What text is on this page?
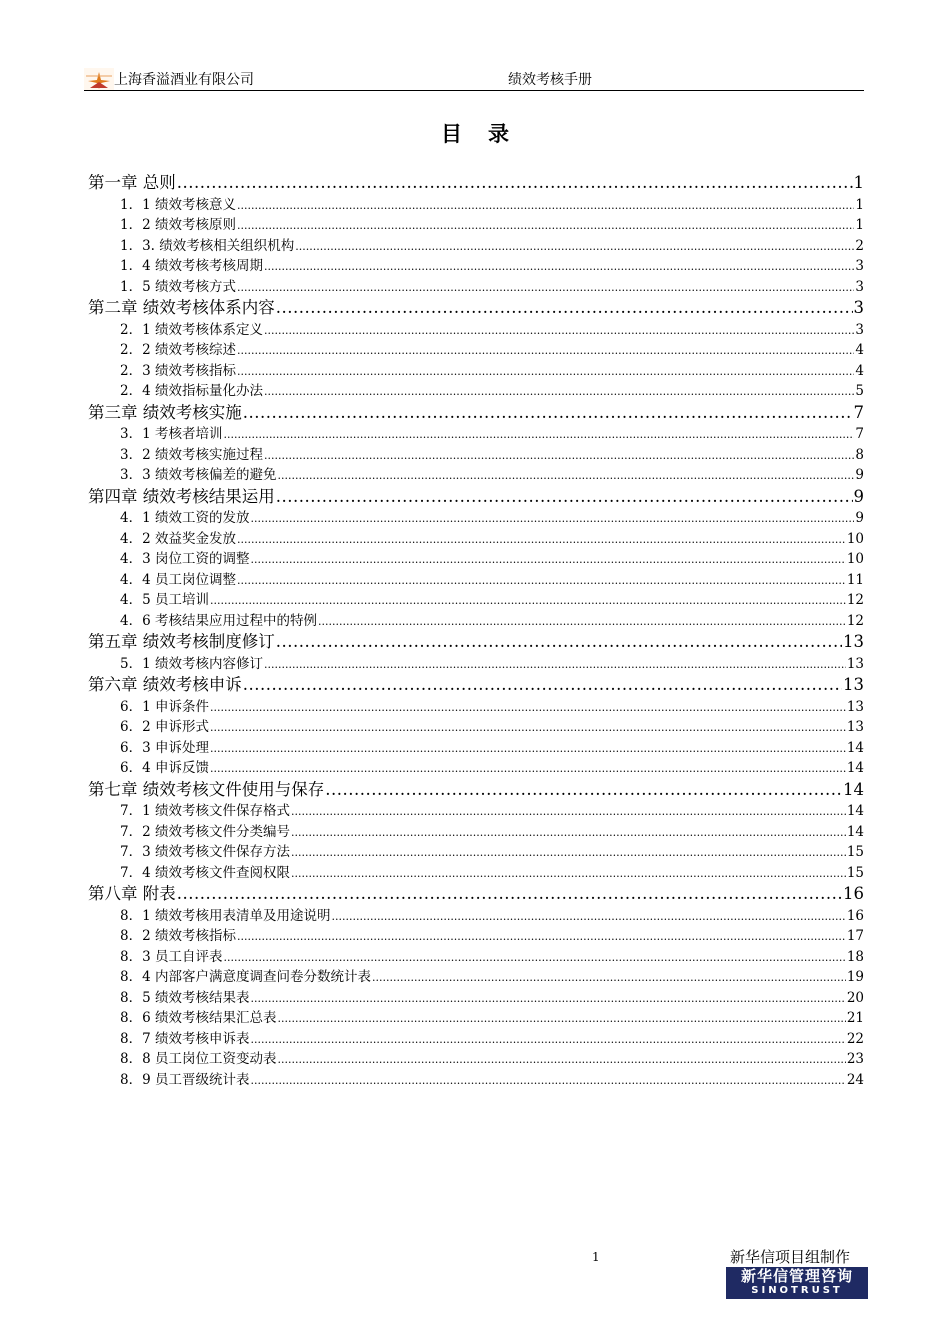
上海香溢酒业有限公司	绩效考核手册
目录
第一章 总则 .....	1
1．1 绩效考核意义 .....	1
1．2 绩效考核原则 .....	1
1．3. 绩效考核相关组织机构 .....	2
1．4 绩效考核考核周期 .....	3
1．5 绩效考核方式 .....	3
第二章 绩效考核体系内容 .....	3
2．1 绩效考核体系定义 .....	3
2．2 绩效考核综述 .....	4
2．3 绩效考核指标 .....	4
2．4 绩效指标量化办法 .....	5
第三章 绩效考核实施 .....	7
3．1 考核者培训 .....	7
3．2 绩效考核实施过程 .....	8
3．3 绩效考核偏差的避免 .....	9
第四章 绩效考核结果运用 .....	9
4．1 绩效工资的发放 .....	9
4．2 效益奖金发放 .....	10
4．3 岗位工资的调整 .....	10
4．4 员工岗位调整 .....	11
4．5 员工培训 .....	12
4．6 考核结果应用过程中的特例 .....	12
第五章 绩效考核制度修订 .....	13
5．1 绩效考核内容修订 .....	13
第六章 绩效考核申诉 .....	13
6．1 申诉条件 .....	13
6．2 申诉形式 .....	13
6．3 申诉处理 .....	14
6．4 申诉反馈 .....	14
第七章 绩效考核文件使用与保存 .....	14
7．1 绩效考核文件保存格式 .....	14
7．2 绩效考核文件分类编号 .....	14
7．3 绩效考核文件保存方法 .....	15
7．4 绩效考核文件查阅权限 .....	15
第八章 附表 .....	16
8．1 绩效考核用表清单及用途说明 .....	16
8．2 绩效考核指标 .....	17
8．3 员工自评表 .....	18
8．4 内部客户满意度调查问卷分数统计表 .....	19
8．5 绩效考核结果表 .....	20
8．6 绩效考核结果汇总表 .....	21
8．7 绩效考核申诉表 .....	22
8．8 员工岗位工资变动表 .....	23
8．9 员工晋级统计表 .....	24
1	新华信项目组制作
新华信管理咨询
SINOTRUST
